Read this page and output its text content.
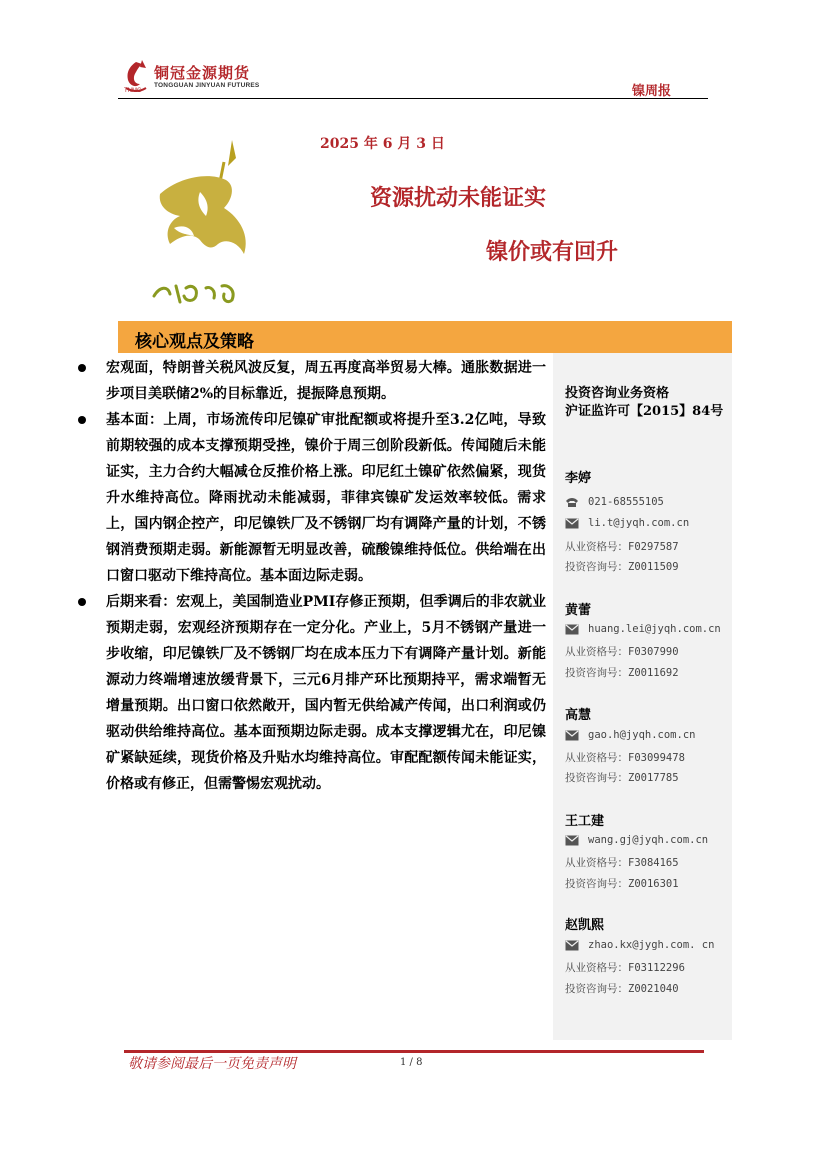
铜冠金源期货
TONGGUAN JINYUAN FUTURES
TNMG	镍周报
2025 年 6 月 3 日
资源扰动未能证实
镍价或有回升
核心观点及策略
宏观面，特朗普关税风波反复，周五再度高举贸易大棒。通胀数据进一步项目美联储2%的目标靠近，提振降息预期。
基本面：上周，市场流传印尼镍矿审批配额或将提升至3.2亿吨，导致前期较强的成本支撑预期受挫，镍价于周三创阶段新低。传闻随后未能证实，主力合约大幅减仓反推价格上涨。印尼红土镍矿依然偏紧，现货升水维持高位。降雨扰动未能减弱，菲律宾镍矿发运效率较低。需求上，国内钢企控产，印尼镍铁厂及不锈钢厂均有调降产量的计划，不锈钢消费预期走弱。新能源暂无明显改善，硫酸镍维持低位。供给端在出口窗口驱动下维持高位。基本面边际走弱。
后期来看：宏观上，美国制造业PMI存修正预期，但季调后的非农就业预期走弱，宏观经济预期存在一定分化。产业上，5月不锈钢产量进一步收缩，印尼镍铁厂及不锈钢厂均在成本压力下有调降产量计划。新能源动力终端增速放缓背景下，三元6月排产环比预期持平，需求端暂无增量预期。出口窗口依然敞开，国内暂无供给减产传闻，出口利润或仍驱动供给维持高位。基本面预期边际走弱。成本支撑逻辑尤在，印尼镍矿紧缺延续，现货价格及升贴水均维持高位。审配配额传闻未能证实，价格或有修正，但需警惕宏观扰动。
投资咨询业务资格
沪证监许可【2015】84号
李婷
021-68555105
li.t@jyqh.com.cn
从业资格号：F0297587
投资咨询号：Z0011509
黄蕾
huang.lei@jyqh.com.cn
从业资格号：F0307990
投资咨询号：Z0011692
高慧
gao.h@jyqh.com.cn
从业资格号：F03099478
投资咨询号：Z0017785
王工建
wang.gj@jyqh.com.cn
从业资格号：F3084165
投资咨询号：Z0016301
赵凯熙
zhao.kx@jygh.com. cn
从业资格号：F03112296
投资咨询号：Z0021040
敬请参阅最后一页免责声明	1 / 8
